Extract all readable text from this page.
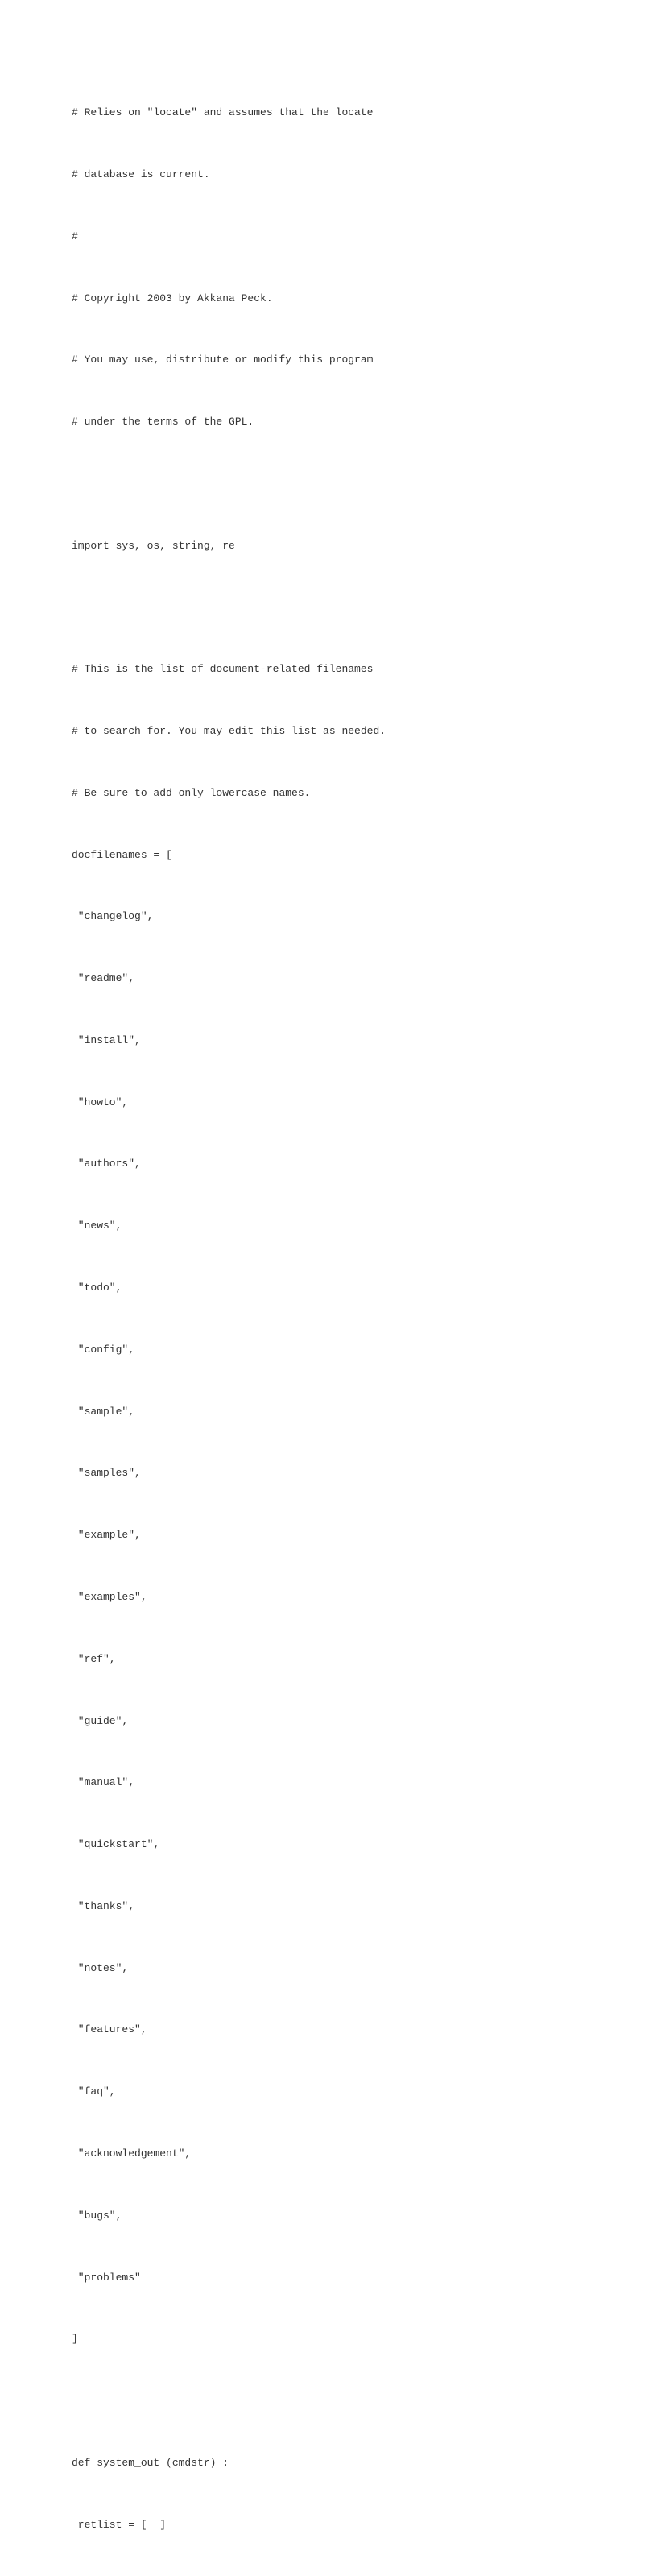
# Relies on "locate" and assumes that the locate

# database is current.

#

# Copyright 2003 by Akkana Peck.

# You may use, distribute or modify this program

# under the terms of the GPL.

import sys, os, string, re

# This is the list of document-related filenames

# to search for. You may edit this list as needed.

# Be sure to add only lowercase names.

docfilenames = [

"changelog",

"readme",

"install",

"howto",

"authors",

"news",

"todo",

"config",

"sample",

"samples",

"example",

"examples",

"ref",

"guide",

"manual",

"quickstart",

"thanks",

"notes",

"features",

"faq",

"acknowledgement",

"bugs",

"problems"

]

def system_out (cmdstr) :

retlist = [  ]
